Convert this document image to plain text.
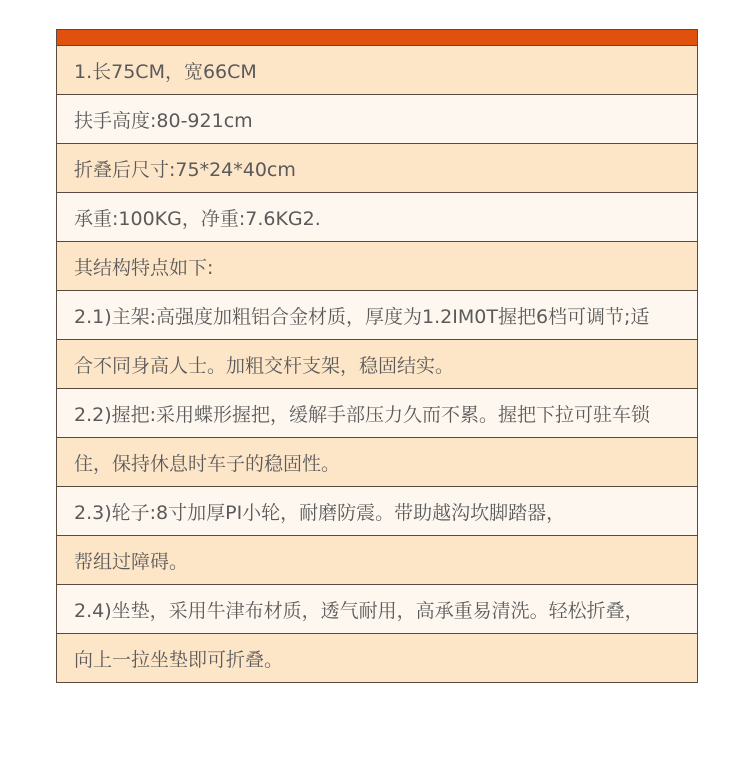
1.长75CM，宽66CM
扶手高度:80-921cm
折叠后尺寸:75*24*40cm
承重:100KG，净重:7.6KG2.
其结构特点如下:
2.1)主架:高强度加粗铝合金材质，厚度为1.2IM0T握把6档可调节;适
合不同身高人士。加粗交杆支架，稳固结实。
2.2)握把:采用蝶形握把，缓解手部压力久而不累。握把下拉可驻车锁
住，保持休息时车子的稳固性。
2.3)轮子:8寸加厚PI小轮，耐磨防震。带助越沟坎脚踏器，
帮组过障碍。
2.4)坐垫，采用牛津布材质，透气耐用，高承重易清洗。轻松折叠，
向上一拉坐垫即可折叠。
